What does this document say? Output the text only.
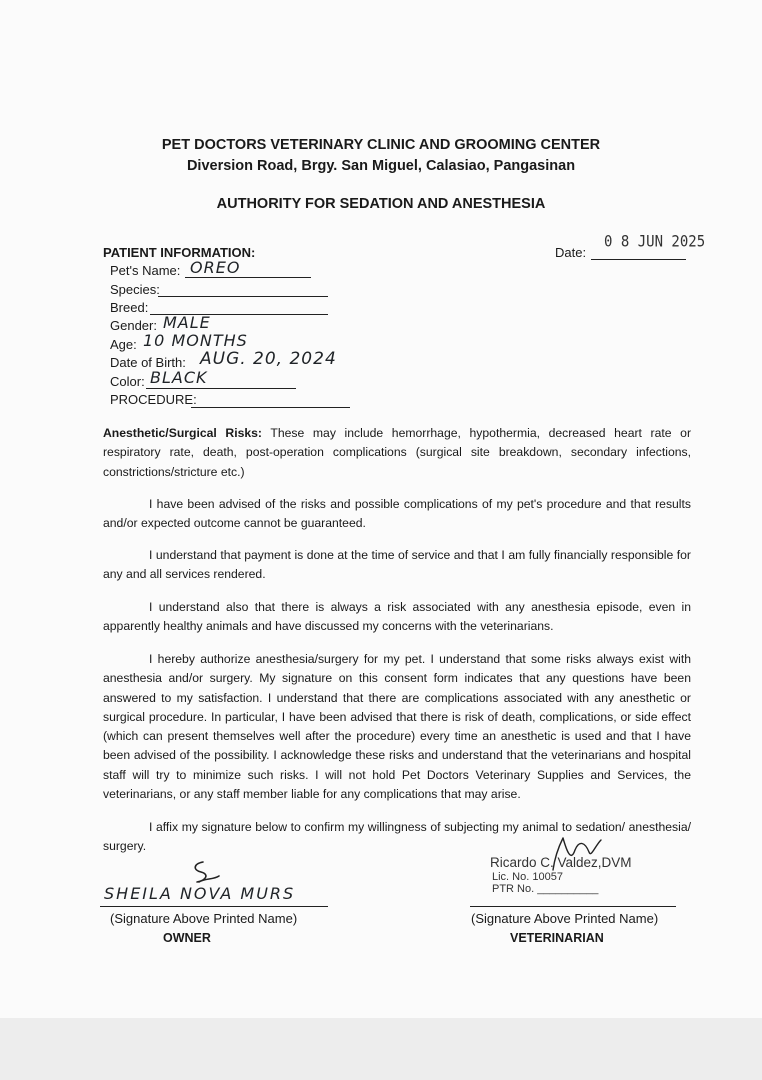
PET DOCTORS VETERINARY CLINIC AND GROOMING CENTER
Diversion Road, Brgy. San Miguel, Calasiao, Pangasinan
AUTHORITY FOR SEDATION AND ANESTHESIA
PATIENT INFORMATION:	Date:
0 8 JUN 2025
Pet's Name: OREO
Species:
Breed:
Gender: MALE
Age: 10 MONTHS
Date of Birth: AUG. 20, 2024
Color: BLACK
PROCEDURE:
Anesthetic/Surgical Risks: These may include hemorrhage, hypothermia, decreased heart rate or respiratory rate, death, post-operation complications (surgical site breakdown, secondary infections, constrictions/stricture etc.)
I have been advised of the risks and possible complications of my pet's procedure and that results and/or expected outcome cannot be guaranteed.
I understand that payment is done at the time of service and that I am fully financially responsible for any and all services rendered.
I understand also that there is always a risk associated with any anesthesia episode, even in apparently healthy animals and have discussed my concerns with the veterinarians.
I hereby authorize anesthesia/surgery for my pet. I understand that some risks always exist with anesthesia and/or surgery. My signature on this consent form indicates that any questions have been answered to my satisfaction. I understand that there are complications associated with any anesthetic or surgical procedure. In particular, I have been advised that there is risk of death, complications, or side effect (which can present themselves well after the procedure) every time an anesthetic is used and that I have been advised of the possibility. I acknowledge these risks and understand that the veterinarians and hospital staff will try to minimize such risks. I will not hold Pet Doctors Veterinary Supplies and Services, the veterinarians, or any staff member liable for any complications that may arise.
I affix my signature below to confirm my willingness of subjecting my animal to sedation/ anesthesia/ surgery.
SHEILA NOVA MURS
(Signature Above Printed Name)
OWNER
Ricardo C. Valdez,DVM
Lic. No. 10057
PTR No. __________
(Signature Above Printed Name)
VETERINARIAN
